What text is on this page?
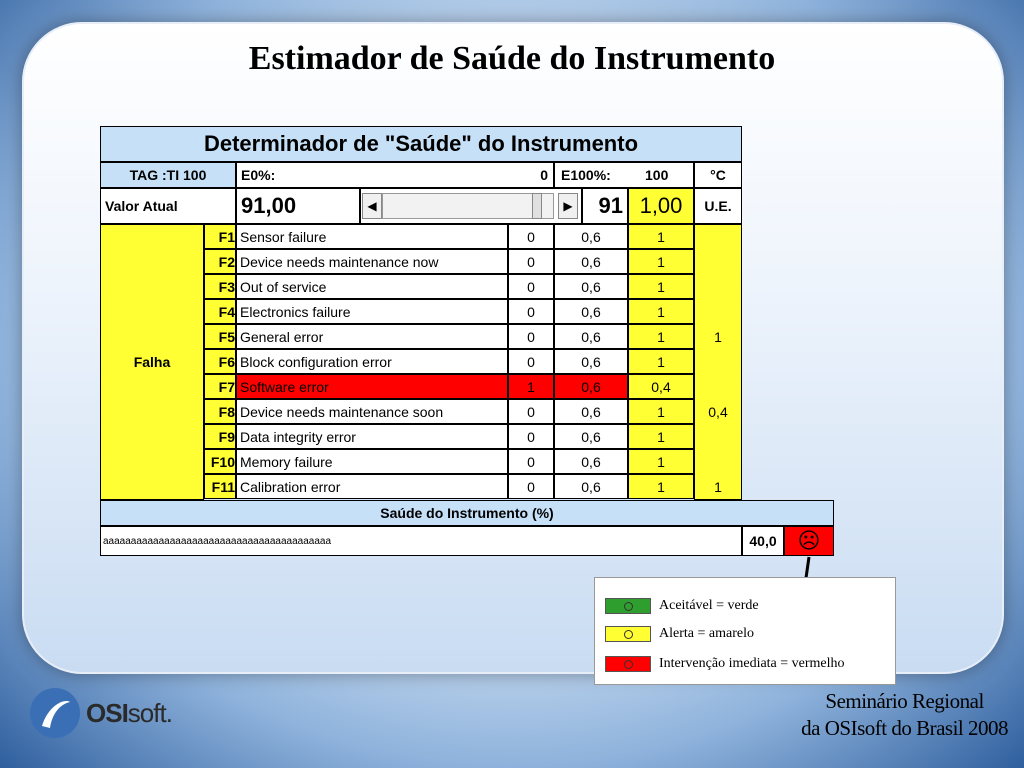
Estimador de Saúde do Instrumento
Determinador de "Saúde" do Instrumento
TAG :TI 100	E0%:	0 E100%:	100	°C
Valor Atual	91,00	◀	▶	91 1,00	U.E.
Falha
F1 Sensor failure	0	0,6	1
F2 Device needs maintenance now	0	0,6	1
F3 Out of service	0	0,6	1
F4 Electronics failure	0	0,6	1
F5 General error	0	0,6	1	1
F6 Block configuration error	0	0,6	1
F7 Software error	1	0,6	0,4
F8 Device needs maintenance soon	0	0,6	1	0,4
F9 Data integrity error	0	0,6	1
F10 Memory failure	0	0,6	1
F11 Calibration error	0	0,6	1	1
Saúde do Instrumento (%)
aaaaaaaaaaaaaaaaaaaaaaaaaaaaaaaaaaaaaaaaa	40,0 ☹
Aceitável = verde
Alerta = amarelo
Intervenção imediata = vermelho
OSIsoft.	Seminário Regional
da OSIsoft do Brasil 2008
